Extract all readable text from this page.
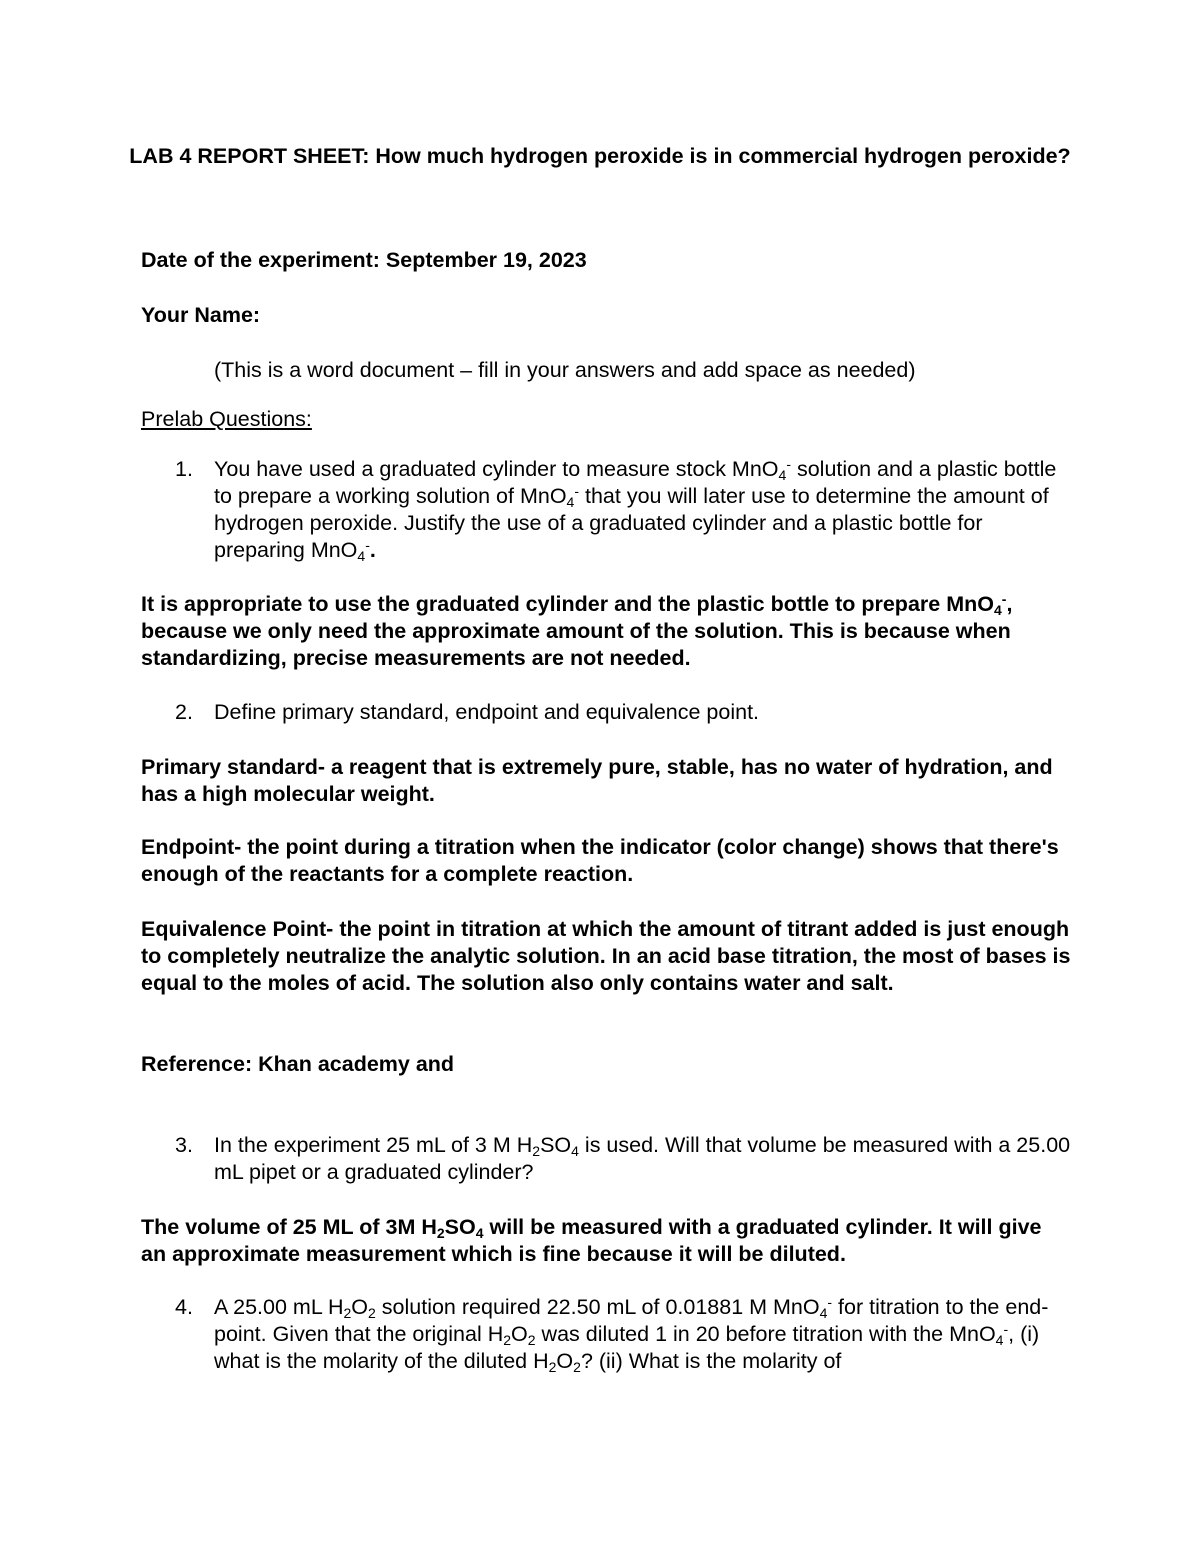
LAB 4 REPORT SHEET: How much hydrogen peroxide is in commercial hydrogen peroxide?

Date of the experiment: September 19, 2023

Your Name:

(This is a word document – fill in your answers and add space as needed)

Prelab Questions:

1. You have used a graduated cylinder to measure stock MnO$_4$- solution and a plastic bottle to prepare a working solution of MnO$_4$- that you will later use to determine the amount of hydrogen peroxide. Justify the use of a graduated cylinder and a plastic bottle for preparing MnO$_4$-.

It is appropriate to use the graduated cylinder and the plastic bottle to prepare MnO$_4$-, because we only need the approximate amount of the solution. This is because when standardizing, precise measurements are not needed.

2. Define primary standard, endpoint and equivalence point.

Primary standard- a reagent that is extremely pure, stable, has no water of hydration, and has a high molecular weight.

Endpoint- the point during a titration when the indicator (color change) shows that there's enough of the reactants for a complete reaction.

Equivalence Point- the point in titration at which the amount of titrant added is just enough to completely neutralize the analytic solution. In an acid base titration, the most of bases is equal to the moles of acid. The solution also only contains water and salt.

Reference: Khan academy and

3. In the experiment 25 mL of 3 M $H_2SO_4$ is used. Will that volume be measured with a 25.00 mL pipet or a graduated cylinder?

The volume of 25 ML of 3M $H_2SO_4$ will be measured with a graduated cylinder. It will give an approximate measurement which is fine because it will be diluted.

4. A 25.00 mL $H_2O_2$ solution required 22.50 mL of 0.01881 M MnO$_4$- for titration to the end-point. Given that the original $H_2O_2$ was diluted 1 in 20 before titration with the MnO$_4$-, (i) what is the molarity of the diluted $H_2O_2$? (ii) What is the molarity of
